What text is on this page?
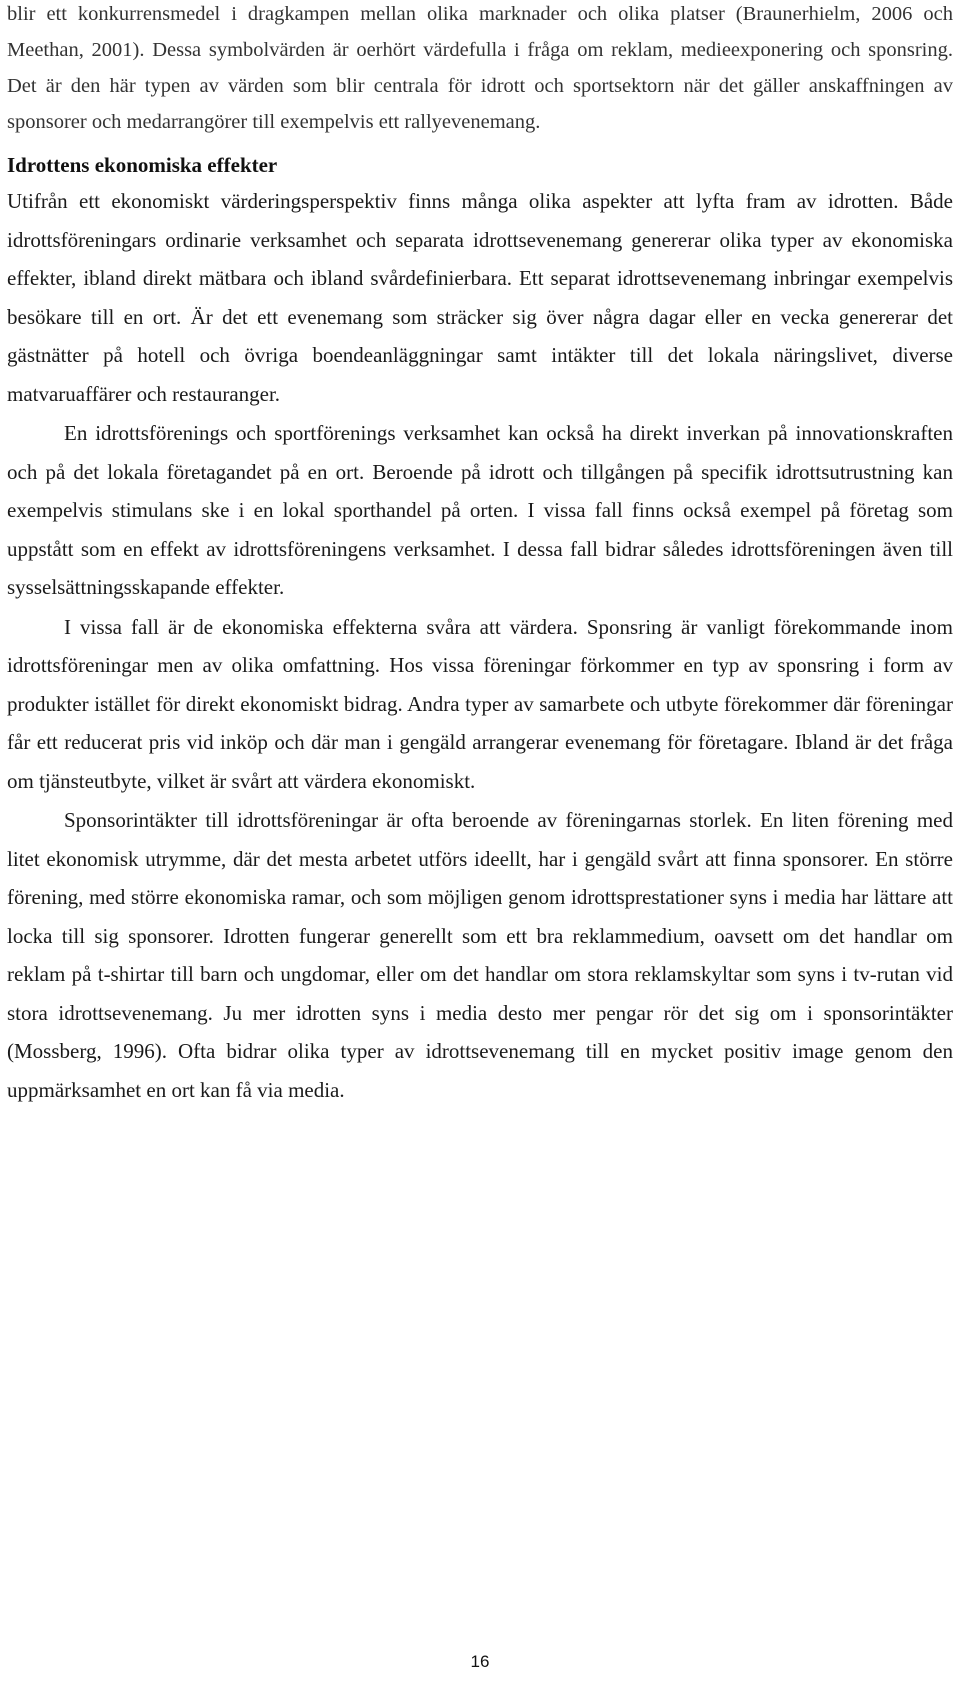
blir ett konkurrensmedel i dragkampen mellan olika marknader och olika platser (Braunerhielm, 2006 och Meethan, 2001). Dessa symbolvärden är oerhört värdefulla i fråga om reklam, medieexponering och sponsring. Det är den här typen av värden som blir centrala för idrott och sportsektorn när det gäller anskaffningen av sponsorer och medarrangörer till exempelvis ett rallyevenemang.

Idrottens ekonomiska effekter

Utifrån ett ekonomiskt värderingsperspektiv finns många olika aspekter att lyfta fram av idrotten. Både idrottsföreningars ordinarie verksamhet och separata idrottsevenemang genererar olika typer av ekonomiska effekter, ibland direkt mätbara och ibland svårdefinierbara. Ett separat idrottsevenemang inbringar exempelvis besökare till en ort. Är det ett evenemang som sträcker sig över några dagar eller en vecka genererar det gästnätter på hotell och övriga boendeanläggningar samt intäkter till det lokala näringslivet, diverse matvaruaffärer och restauranger.

En idrottsförenings och sportförenings verksamhet kan också ha direkt inverkan på innovationskraften och på det lokala företagandet på en ort. Beroende på idrott och tillgången på specifik idrottsutrustning kan exempelvis stimulans ske i en lokal sporthandel på orten. I vissa fall finns också exempel på företag som uppstått som en effekt av idrottsföreningens verksamhet. I dessa fall bidrar således idrottsföreningen även till sysselsättningsskapande effekter.

I vissa fall är de ekonomiska effekterna svåra att värdera. Sponsring är vanligt förekommande inom idrottsföreningar men av olika omfattning. Hos vissa föreningar förkommer en typ av sponsring i form av produkter istället för direkt ekonomiskt bidrag. Andra typer av samarbete och utbyte förekommer där föreningar får ett reducerat pris vid inköp och där man i gengäld arrangerar evenemang för företagare. Ibland är det fråga om tjänsteutbyte, vilket är svårt att värdera ekonomiskt.

Sponsorintäkter till idrottsföreningar är ofta beroende av föreningarnas storlek. En liten förening med litet ekonomisk utrymme, där det mesta arbetet utförs ideellt, har i gengäld svårt att finna sponsorer. En större förening, med större ekonomiska ramar, och som möjligen genom idrottsprestationer syns i media har lättare att locka till sig sponsorer. Idrotten fungerar generellt som ett bra reklammedium, oavsett om det handlar om reklam på t-shirtar till barn och ungdomar, eller om det handlar om stora reklamskyltar som syns i tv-rutan vid stora idrottsevenemang. Ju mer idrotten syns i media desto mer pengar rör det sig om i sponsorintäkter (Mossberg, 1996). Ofta bidrar olika typer av idrottsevenemang till en mycket positiv image genom den uppmärksamhet en ort kan få via media.

16
